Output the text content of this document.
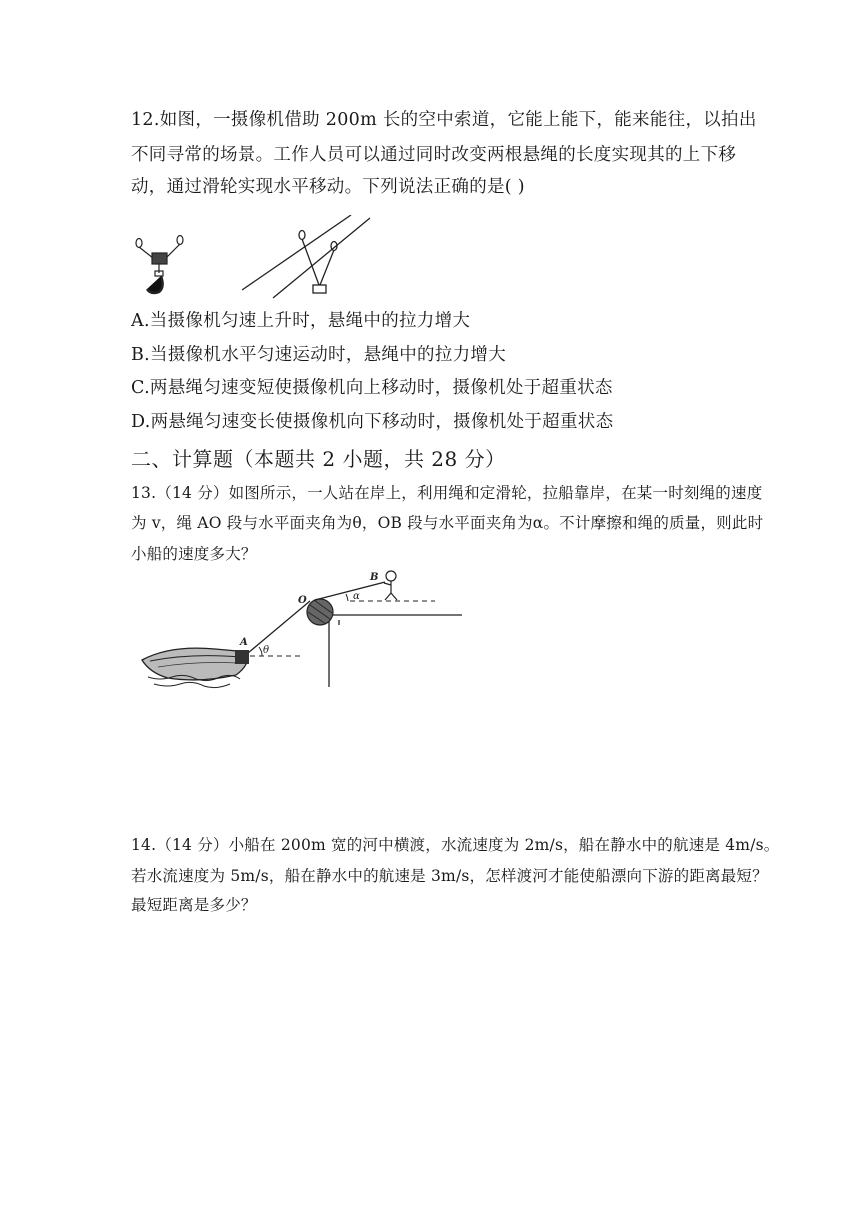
12.如图，一摄像机借助 200m 长的空中索道，它能上能下，能来能往，以拍出
不同寻常的场景。工作人员可以通过同时改变两根悬绳的长度实现其的上下移
动，通过滑轮实现水平移动。下列说法正确的是( )
A.当摄像机匀速上升时，悬绳中的拉力增大
B.当摄像机水平匀速运动时，悬绳中的拉力增大
C.两悬绳匀速变短使摄像机向上移动时，摄像机处于超重状态
D.两悬绳匀速变长使摄像机向下移动时，摄像机处于超重状态
二、计算题（本题共 2 小题，共 28 分）
13.（14 分）如图所示，一人站在岸上，利用绳和定滑轮，拉船靠岸，在某一时刻绳的速度
为 v，绳 AO 段与水平面夹角为θ，OB 段与水平面夹角为α。不计摩擦和绳的质量，则此时
小船的速度多大？
A
O
B
θ
α
14.（14 分）小船在 200m 宽的河中横渡，水流速度为 2m/s，船在静水中的航速是 4m/s。
若水流速度为 5m/s，船在静水中的航速是 3m/s，怎样渡河才能使船漂向下游的距离最短？
最短距离是多少？
